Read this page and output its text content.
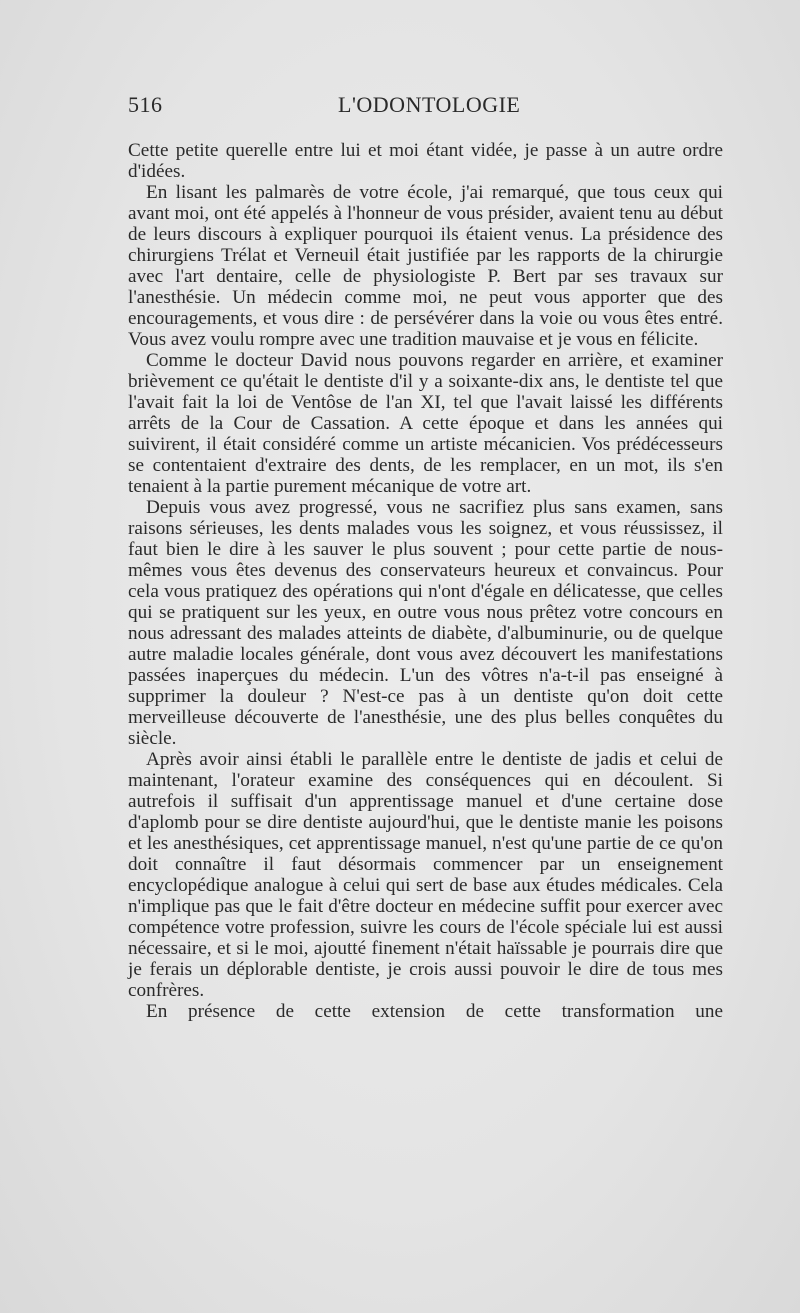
516	L'ODONTOLOGIE

Cette petite querelle entre lui et moi étant vidée, je passe à un autre ordre d'idées.

En lisant les palmarès de votre école, j'ai remarqué, que tous ceux qui avant moi, ont été appelés à l'honneur de vous présider, avaient tenu au début de leurs discours à expliquer pourquoi ils étaient venus. La présidence des chirurgiens Trélat et Verneuil était justifiée par les rapports de la chirurgie avec l'art dentaire, celle de physiologiste P. Bert par ses travaux sur l'anesthésie. Un médecin comme moi, ne peut vous apporter que des encouragements, et vous dire : de persévérer dans la voie ou vous êtes entré. Vous avez voulu rompre avec une tradition mauvaise et je vous en félicite.

Comme le docteur David nous pouvons regarder en arrière, et examiner brièvement ce qu'était le dentiste d'il y a soixante-dix ans, le dentiste tel que l'avait fait la loi de Ventôse de l'an XI, tel que l'avait laissé les différents arrêts de la Cour de Cassation. A cette époque et dans les années qui suivirent, il était considéré comme un artiste mécanicien. Vos prédécesseurs se contentaient d'extraire des dents, de les remplacer, en un mot, ils s'en tenaient à la partie purement mécanique de votre art.

Depuis vous avez progressé, vous ne sacrifiez plus sans examen, sans raisons sérieuses, les dents malades vous les soignez, et vous réussissez, il faut bien le dire à les sauver le plus souvent ; pour cette partie de nous-mêmes vous êtes devenus des conservateurs heureux et convaincus. Pour cela vous pratiquez des opérations qui n'ont d'égale en délicatesse, que celles qui se pratiquent sur les yeux, en outre vous nous prêtez votre concours en nous adressant des malades atteints de diabète, d'albuminurie, ou de quelque autre maladie locales générale, dont vous avez découvert les manifestations passées inaperçues du médecin. L'un des vôtres n'a-t-il pas enseigné à supprimer la douleur ? N'est-ce pas à un dentiste qu'on doit cette merveilleuse découverte de l'anesthésie, une des plus belles conquêtes du siècle.

Après avoir ainsi établi le parallèle entre le dentiste de jadis et celui de maintenant, l'orateur examine des conséquences qui en découlent. Si autrefois il suffisait d'un apprentissage manuel et d'une certaine dose d'aplomb pour se dire dentiste aujourd'hui, que le dentiste manie les poisons et les anesthésiques, cet apprentissage manuel, n'est qu'une partie de ce qu'on doit connaître il faut désormais commencer par un enseignement encyclopédique analogue à celui qui sert de base aux études médicales. Cela n'implique pas que le fait d'être docteur en médecine suffit pour exercer avec compétence votre profession, suivre les cours de l'école spéciale lui est aussi nécessaire, et si le moi, ajoutté finement n'était haïssable je pourrais dire que je ferais un déplorable dentiste, je crois aussi pouvoir le dire de tous mes confrères.

En présence de cette extension de cette transformation une
